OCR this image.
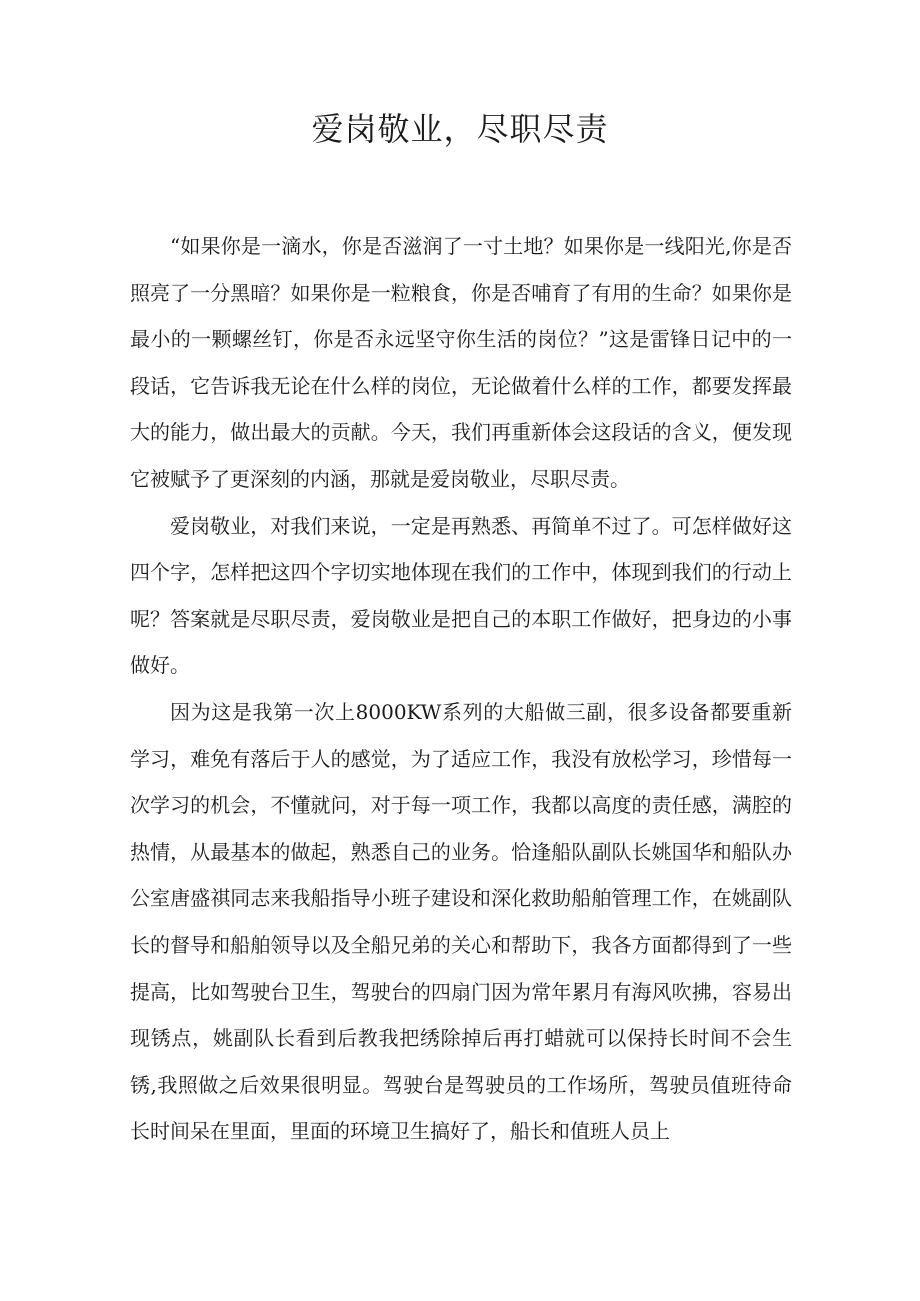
爱岗敬业，尽职尽责

“如果你是一滴水，你是否滋润了一寸土地？如果你是一线阳光,你是否照亮了一分黑暗？如果你是一粒粮食，你是否哺育了有用的生命？如果你是最小的一颗螺丝钉，你是否永远坚守你生活的岗位？”这是雷锋日记中的一段话，它告诉我无论在什么样的岗位，无论做着什么样的工作，都要发挥最大的能力，做出最大的贡献。今天，我们再重新体会这段话的含义，便发现它被赋予了更深刻的内涵，那就是爱岗敬业，尽职尽责。

爱岗敬业，对我们来说，一定是再熟悉、再简单不过了。可怎样做好这四个字，怎样把这四个字切实地体现在我们的工作中，体现到我们的行动上呢？答案就是尽职尽责，爱岗敬业是把自己的本职工作做好，把身边的小事做好。

因为这是我第一次上8000KW系列的大船做三副，很多设备都要重新学习，难免有落后于人的感觉，为了适应工作，我没有放松学习，珍惜每一次学习的机会，不懂就问，对于每一项工作，我都以高度的责任感，满腔的热情，从最基本的做起，熟悉自己的业务。恰逢船队副队长姚国华和船队办公室唐盛祺同志来我船指导小班子建设和深化救助船舶管理工作，在姚副队长的督导和船舶领导以及全船兄弟的关心和帮助下，我各方面都得到了一些提高，比如驾驶台卫生，驾驶台的四扇门因为常年累月有海风吹拂，容易出现锈点，姚副队长看到后教我把绣除掉后再打蜡就可以保持长时间不会生锈,我照做之后效果很明显。驾驶台是驾驶员的工作场所，驾驶员值班待命长时间呆在里面，里面的环境卫生搞好了，船长和值班人员上
